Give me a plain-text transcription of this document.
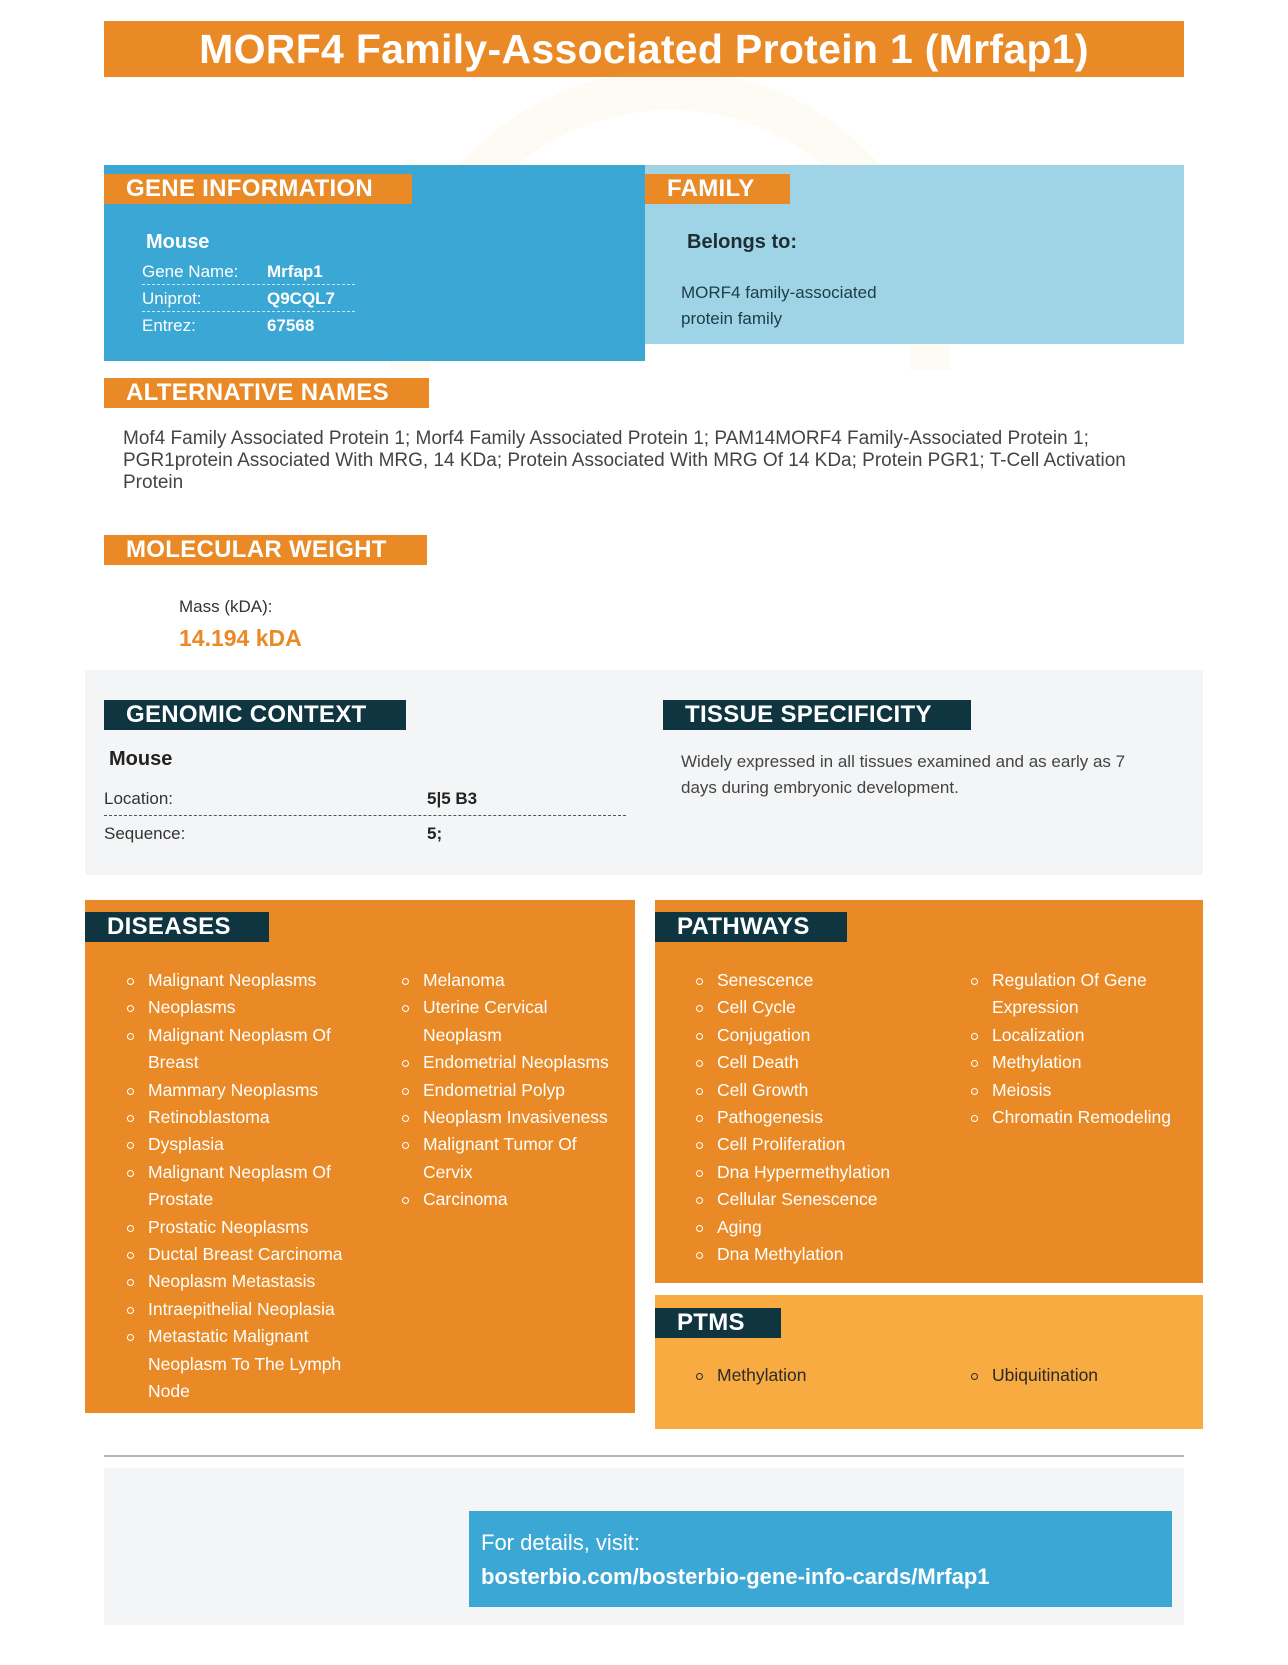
MORF4 Family-Associated Protein 1 (Mrfap1)
GENE INFORMATION
Mouse
Gene Name:	Mrfap1
Uniprot:	Q9CQL7
Entrez:	67568
FAMILY
Belongs to:
MORF4 family-associated protein family
ALTERNATIVE NAMES
Mof4 Family Associated Protein 1; Morf4 Family Associated Protein 1; PAM14MORF4 Family-Associated Protein 1; PGR1protein Associated With MRG, 14 KDa; Protein Associated With MRG Of 14 KDa; Protein PGR1; T-Cell Activation Protein
MOLECULAR WEIGHT
Mass (kDA):
14.194 kDA
GENOMIC CONTEXT
Mouse
Location:	5|5 B3
Sequence:	5;
TISSUE SPECIFICITY
Widely expressed in all tissues examined and as early as 7 days during embryonic development.
DISEASES
Malignant Neoplasms
Neoplasms
Malignant Neoplasm Of Breast
Mammary Neoplasms
Retinoblastoma
Dysplasia
Malignant Neoplasm Of Prostate
Prostatic Neoplasms
Ductal Breast Carcinoma
Neoplasm Metastasis
Intraepithelial Neoplasia
Metastatic Malignant Neoplasm To The Lymph Node
Melanoma
Uterine Cervical Neoplasm
Endometrial Neoplasms
Endometrial Polyp
Neoplasm Invasiveness
Malignant Tumor Of Cervix
Carcinoma
PATHWAYS
Senescence
Cell Cycle
Conjugation
Cell Death
Cell Growth
Pathogenesis
Cell Proliferation
Dna Hypermethylation
Cellular Senescence
Aging
Dna Methylation
Regulation Of Gene Expression
Localization
Methylation
Meiosis
Chromatin Remodeling
PTMS
Methylation	Ubiquitination
For details, visit:
bosterbio.com/bosterbio-gene-info-cards/Mrfap1
